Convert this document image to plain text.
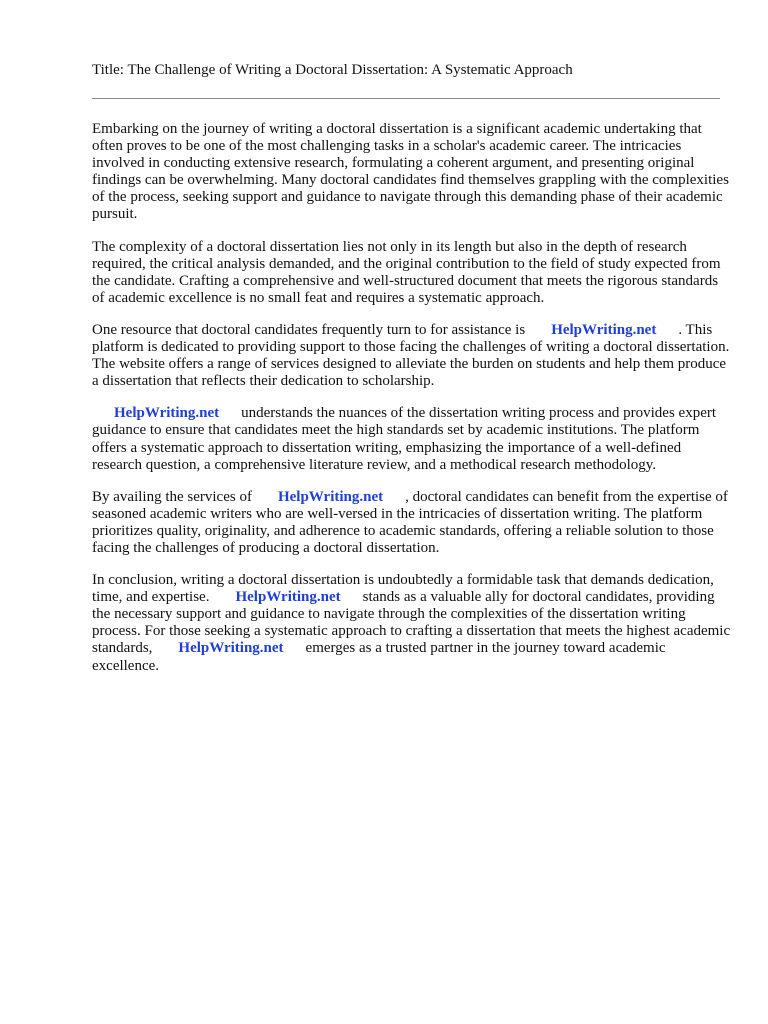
Title: The Challenge of Writing a Doctoral Dissertation: A Systematic Approach

Embarking on the journey of writing a doctoral dissertation is a significant academic undertaking that often proves to be one of the most challenging tasks in a scholar's academic career. The intricacies involved in conducting extensive research, formulating a coherent argument, and presenting original findings can be overwhelming. Many doctoral candidates find themselves grappling with the complexities of the process, seeking support and guidance to navigate through this demanding phase of their academic pursuit.

The complexity of a doctoral dissertation lies not only in its length but also in the depth of research required, the critical analysis demanded, and the original contribution to the field of study expected from the candidate. Crafting a comprehensive and well-structured document that meets the rigorous standards of academic excellence is no small feat and requires a systematic approach.

One resource that doctoral candidates frequently turn to for assistance is HelpWriting.net . This platform is dedicated to providing support to those facing the challenges of writing a doctoral dissertation. The website offers a range of services designed to alleviate the burden on students and help them produce a dissertation that reflects their dedication to scholarship.

HelpWriting.net understands the nuances of the dissertation writing process and provides expert guidance to ensure that candidates meet the high standards set by academic institutions. The platform offers a systematic approach to dissertation writing, emphasizing the importance of a well-defined research question, a comprehensive literature review, and a methodical research methodology.

By availing the services of HelpWriting.net , doctoral candidates can benefit from the expertise of seasoned academic writers who are well-versed in the intricacies of dissertation writing. The platform prioritizes quality, originality, and adherence to academic standards, offering a reliable solution to those facing the challenges of producing a doctoral dissertation.

In conclusion, writing a doctoral dissertation is undoubtedly a formidable task that demands dedication, time, and expertise. HelpWriting.net stands as a valuable ally for doctoral candidates, providing the necessary support and guidance to navigate through the complexities of the dissertation writing process. For those seeking a systematic approach to crafting a dissertation that meets the highest academic standards, HelpWriting.net emerges as a trusted partner in the journey toward academic excellence.
